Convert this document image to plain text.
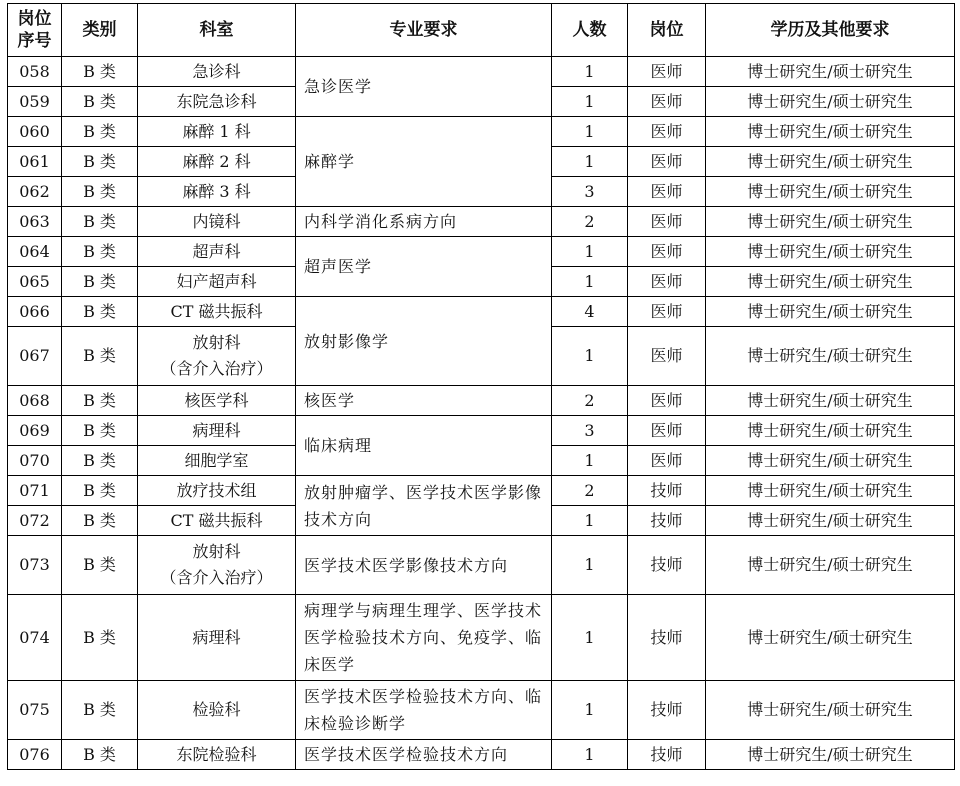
岗位
序号	类别	科室	专业要求	人数	岗位	学历及其他要求
058	B 类	急诊科	急诊医学	1	医师	博士研究生/硕士研究生
059	B 类	东院急诊科		1	医师	博士研究生/硕士研究生
060	B 类	麻醉 1 科	麻醉学	1	医师	博士研究生/硕士研究生
061	B 类	麻醉 2 科		1	医师	博士研究生/硕士研究生
062	B 类	麻醉 3 科		3	医师	博士研究生/硕士研究生
063	B 类	内镜科	内科学消化系病方向	2	医师	博士研究生/硕士研究生
064	B 类	超声科	超声医学	1	医师	博士研究生/硕士研究生
065	B 类	妇产超声科		1	医师	博士研究生/硕士研究生
066	B 类	CT 磁共振科	放射影像学	4	医师	博士研究生/硕士研究生
067	B 类	放射科
（含介入治疗）		1	医师	博士研究生/硕士研究生
068	B 类	核医学科	核医学	2	医师	博士研究生/硕士研究生
069	B 类	病理科	临床病理	3	医师	博士研究生/硕士研究生
070	B 类	细胞学室		1	医师	博士研究生/硕士研究生
071	B 类	放疗技术组	放射肿瘤学、医学技术医学影像技术方向	2	技师	博士研究生/硕士研究生
072	B 类	CT 磁共振科		1	技师	博士研究生/硕士研究生
073	B 类	放射科
（含介入治疗）	医学技术医学影像技术方向	1	技师	博士研究生/硕士研究生
074	B 类	病理科	病理学与病理生理学、医学技术医学检验技术方向、免疫学、临床医学	1	技师	博士研究生/硕士研究生
075	B 类	检验科	医学技术医学检验技术方向、临床检验诊断学	1	技师	博士研究生/硕士研究生
076	B 类	东院检验科	医学技术医学检验技术方向	1	技师	博士研究生/硕士研究生
